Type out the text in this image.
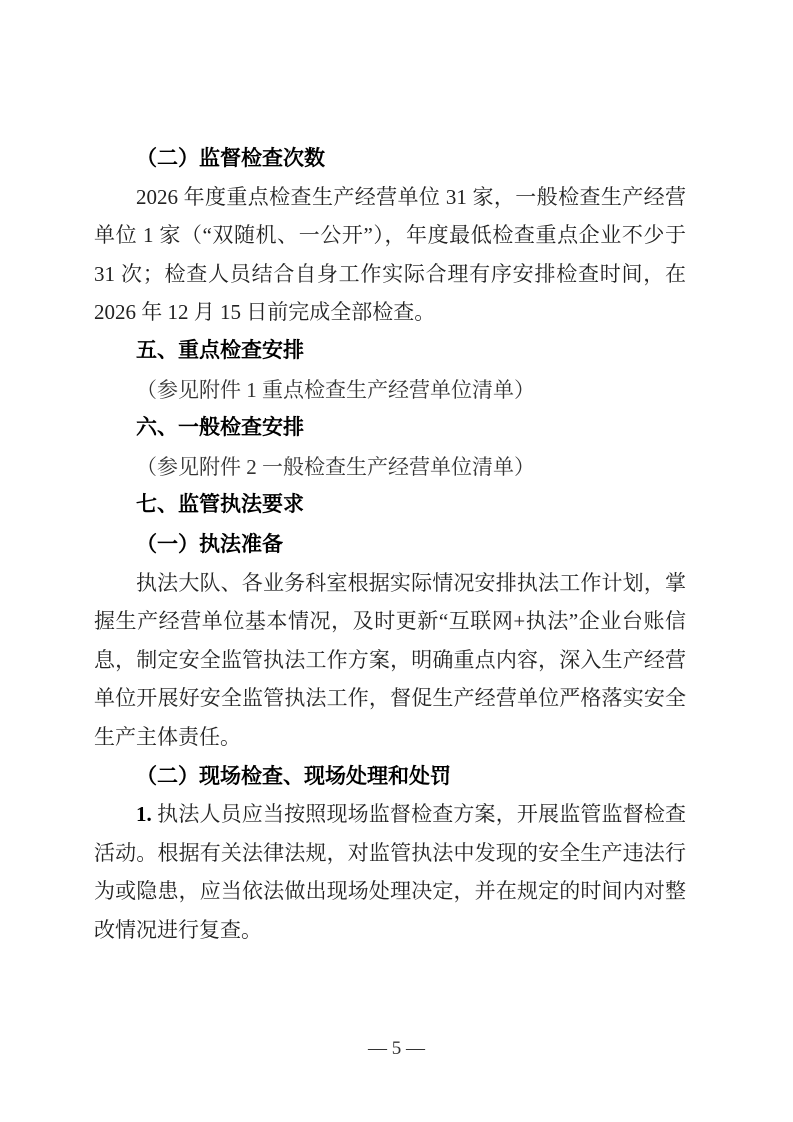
（二）监督检查次数

2026 年度重点检查生产经营单位 31 家，一般检查生产经营单位 1 家（“双随机、一公开”），年度最低检查重点企业不少于 31 次；检查人员结合自身工作实际合理有序安排检查时间，在 2026 年 12 月 15 日前完成全部检查。

五、重点检查安排

（参见附件 1 重点检查生产经营单位清单）

六、一般检查安排

（参见附件 2 一般检查生产经营单位清单）

七、监管执法要求
（一）执法准备

执法大队、各业务科室根据实际情况安排执法工作计划，掌握生产经营单位基本情况，及时更新“互联网+执法”企业台账信息，制定安全监管执法工作方案，明确重点内容，深入生产经营单位开展好安全监管执法工作，督促生产经营单位严格落实安全生产主体责任。

（二）现场检查、现场处理和处罚

1. 执法人员应当按照现场监督检查方案，开展监管监督检查活动。根据有关法律法规，对监管执法中发现的安全生产违法行为或隐患，应当依法做出现场处理决定，并在规定的时间内对整改情况进行复查。

— 5 —
